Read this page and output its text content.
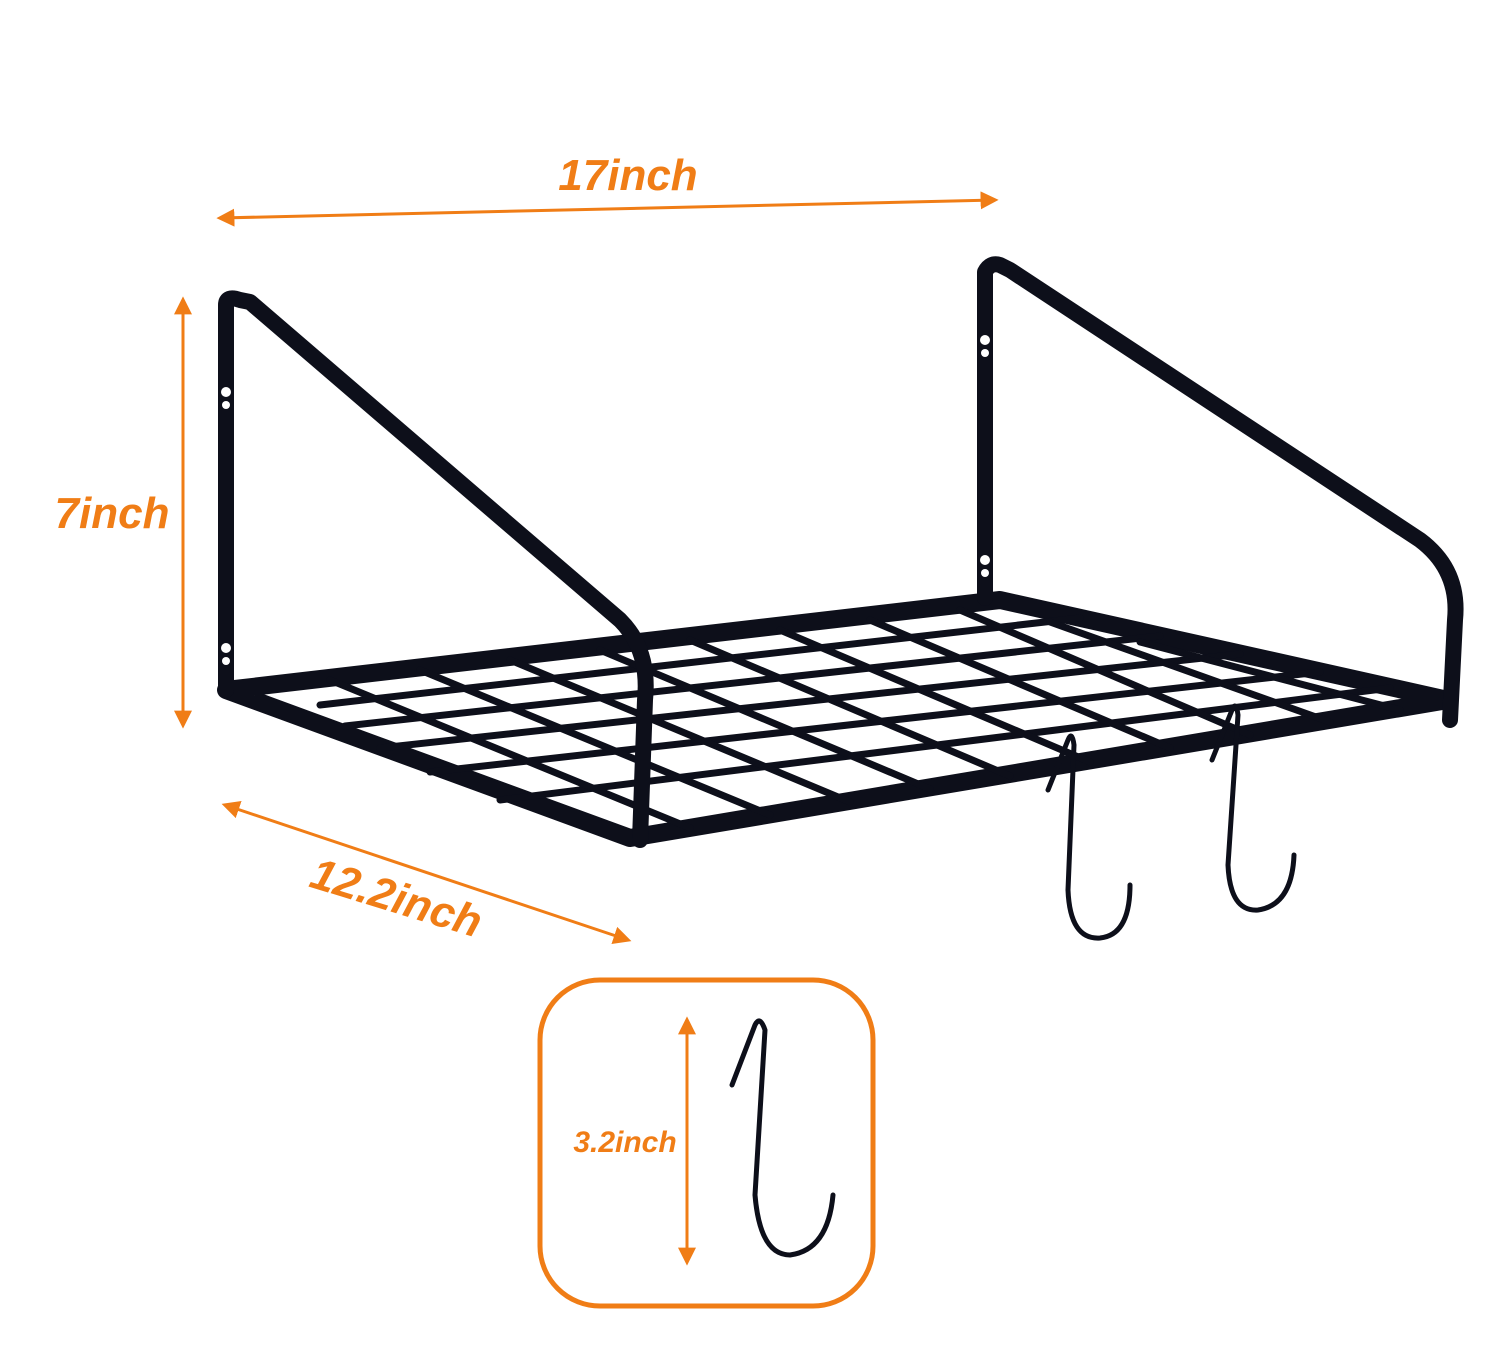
17inch
7inch
12.2inch
3.2inch
